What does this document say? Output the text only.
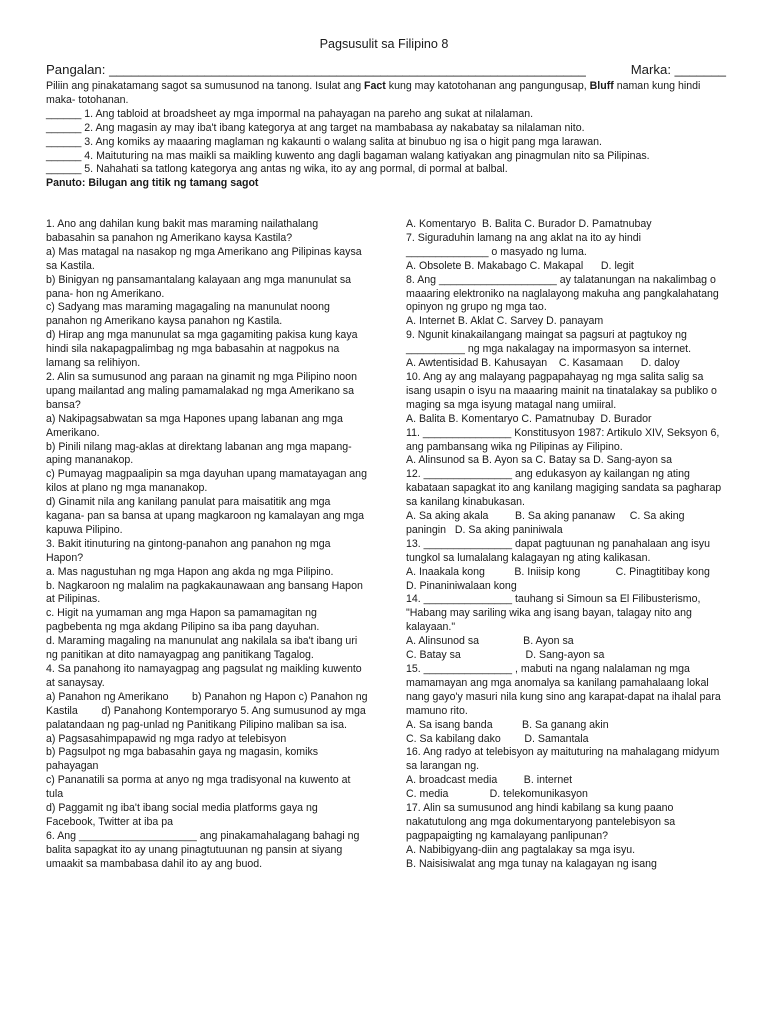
Pagsusulit sa Filipino 8
Pangalan: _________________________________________________________________	Marka: _______

Piliin ang pinakatamang sagot sa sumusunod na tanong. Isulat ang Fact kung may katotohanan ang pangungusap, Bluff naman kung hindi maka- totohanan.

______ 1. Ang tabloid at broadsheet ay mga impormal na pahayagan na pareho ang sukat at nilalaman.

______ 2. Ang magasin ay may iba't ibang kategorya at ang target na mambabasa ay nakabatay sa nilalaman nito.

______ 3. Ang komiks ay maaaring maglaman ng kakaunti o walang salita at binubuo ng isa o higit pang mga larawan.

______ 4. Maituturing na mas maikli sa maikling kuwento ang dagli bagaman walang katiyakan ang pinagmulan nito sa Pilipinas.

______ 5. Nahahati sa tatlong kategorya ang antas ng wika, ito ay ang pormal, di pormal at balbal.

Panuto: Bilugan ang titik ng tamang sagot

1. Ano ang dahilan kung bakit mas maraming nailathalang babasahin sa panahon ng Amerikano kaysa Kastila?

a) Mas matagal na nasakop ng mga Amerikano ang Pilipinas kaysa sa Kastila.

b) Binigyan ng pansamantalang kalayaan ang mga manunulat sa pana- hon ng Amerikano.

c) Sadyang mas maraming magagaling na manunulat noong panahon ng Amerikano kaysa panahon ng Kastila.

d) Hirap ang mga manunulat sa mga gagamiting pakisa kung kaya hindi sila nakapagpalimbag ng mga babasahin at nagpokus na lamang sa relihiyon.

2. Alin sa sumusunod ang paraan na ginamit ng mga Pilipino noon upang mailantad ang maling pamamalakad ng mga Amerikano sa bansa?

a) Nakipagsabwatan sa mga Hapones upang labanan ang mga Amerikano.

b) Pinili nilang mag-aklas at direktang labanan ang mga mapang-aping mananakop.

c) Pumayag magpaalipin sa mga dayuhan upang mamatayagan ang kilos at plano ng mga mananakop.

d) Ginamit nila ang kanilang panulat para maisatitik ang mga kagana- pan sa bansa at upang magkaroon ng kamalayan ang mga kapuwa Pilipino.

3. Bakit itinuturing na gintong-panahon ang panahon ng mga Hapon?

a. Mas nagustuhan ng mga Hapon ang akda ng mga Pilipino.

b. Nagkaroon ng malalim na pagkakaunawaan ang bansang Hapon at Pilipinas.

c. Higit na yumaman ang mga Hapon sa pamamagitan ng pagbebenta ng mga akdang Pilipino sa iba pang dayuhan.

d. Maraming magaling na manunulat ang nakilala sa iba't ibang uri ng panitikan at dito namayagpag ang panitikang Tagalog.

4. Sa panahong ito namayagpag ang pagsulat ng maikling kuwento at sanaysay.

a) Panahon ng Amerikano        b) Panahon ng Hapon c) Panahon ng Kastila        d) Panahong Kontemporaryo 5. Ang sumusunod ay mga palatandaan ng pag-unlad ng Panitikang Pilipino maliban sa isa.

a) Pagsasahimpapawid ng mga radyo at telebisyon

b) Pagsulpot ng mga babasahin gaya ng magasin, komiks pahayagan

c) Pananatili sa porma at anyo ng mga tradisyonal na kuwento at tula

d) Paggamit ng iba't ibang social media platforms gaya ng Facebook, Twitter at iba pa

6. Ang ____________________ ang pinakamahalagang bahagi ng balita sapagkat ito ay unang pinagtutuunan ng pansin at siyang umaakit sa mambabasa dahil ito ay ang buod.

A. Komentaryo  B. Balita C. Burador D. Pamatnubay

7. Siguraduhin lamang na ang aklat na ito ay hindi ______________ o masyado ng luma.

A. Obsolete B. Makabago C. Makapal      D. legit

8. Ang ____________________ ay talatanungan na nakalimbag o maaaring elektroniko na naglalayong makuha ang pangkalahatang opinyon ng grupo ng mga tao.

A. Internet B. Aklat C. Sarvey D. panayam

9. Ngunit kinakailangang maingat sa pagsuri at pagtukoy ng __________ ng mga nakalagay na impormasyon sa internet.

A. Awtentisidad B. Kahusayan    C. Kasamaan      D. daloy

10. Ang ay ang malayang pagpapahayag ng mga salita salig sa isang usapin o isyu na maaaring mainit na tinatalakay sa publiko o maging sa mga isyung matagal nang umiiral.

A. Balita B. Komentaryo C. Pamatnubay  D. Burador

11. _______________ Konstitusyon 1987: Artikulo XIV, Seksyon 6, ang pambansang wika ng Pilipinas ay Filipino.

A. Alinsunod sa B. Ayon sa C. Batay sa D. Sang-ayon sa

12. _______________ ang edukasyon ay kailangan ng ating kabataan sapagkat ito ang kanilang magiging sandata sa pagharap sa kanilang kinabukasan.

A. Sa aking akala         B. Sa aking pananaw     C. Sa aking paningin   D. Sa aking paniniwala

13. _______________ dapat pagtuunan ng panahalaan ang isyu tungkol sa lumalalang kalagayan ng ating kalikasan.

A. Inaakala kong          B. Iniisip kong            C. Pinagtitibay kong       D. Pinaniniwalaan kong

14. _______________ tauhang si Simoun sa El Filibusterismo, "Habang may sariling wika ang isang bayan, talagay nito ang kalayaan."

A. Alinsunod sa               B. Ayon sa

C. Batay sa                      D. Sang-ayon sa

15. _______________ , mabuti na ngang nalalaman ng mga mamamayan ang mga anomalya sa kanilang pamahalaang lokal nang gayo'y masuri nila kung sino ang karapat-dapat na ihalal para mamuno rito.

A. Sa isang banda          B. Sa ganang akin

C. Sa kabilang dako        D. Samantala

16. Ang radyo at telebisyon ay maituturing na mahalagang midyum sa larangan ng.

A. broadcast media         B. internet

C. media              D. telekomunikasyon

17. Alin sa sumusunod ang hindi kabilang sa kung paano nakatutulong ang mga dokumentaryong pantelebisyon sa pagpapaigting ng kamalayang panlipunan?

A. Nabibigyang-diin ang pagtalakay sa mga isyu.

B. Naisisiwalat ang mga tunay na kalagayan ng isang
